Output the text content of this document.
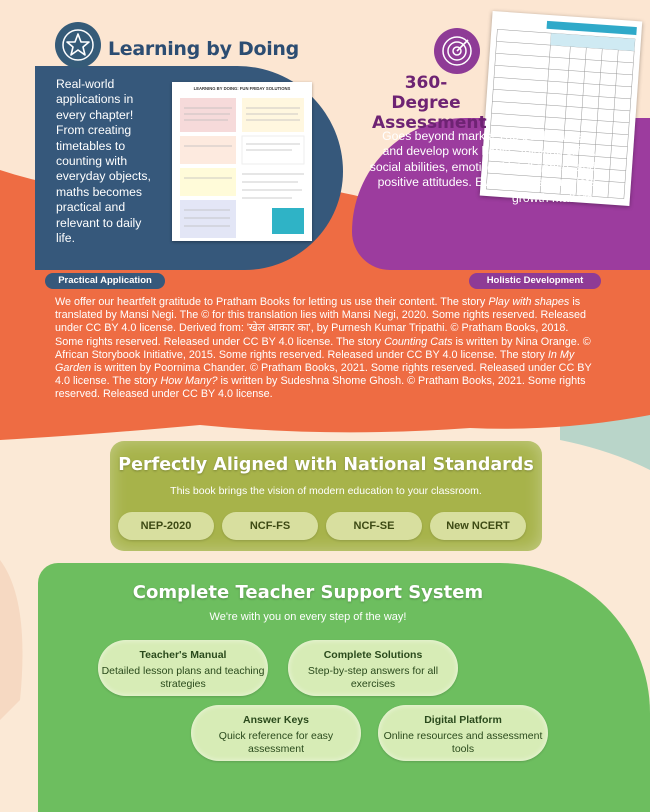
Learning by Doing
Real-world applications in every chapter! From creating timetables to counting with everyday objects, maths becomes practical and relevant to daily life.
LEARNING BY DOING: FUN FRIDAY SOLUTIONS
Practical Application
360-Degree
Assessment
Goes beyond marks! The books assess and develop work habits, thinking skills, social abilities, emotional intelligence, and positive attitudes. Every child's complete growth matters.
Holistic Development

We offer our heartfelt gratitude to Pratham Books for letting us use their content. The story Play with shapes is translated by Mansi Negi. The © for this translation lies with Mansi Negi, 2020. Some rights reserved. Released under CC BY 4.0 license. Derived from: 'खेल आकार का', by Purnesh Kumar Tripathi. © Pratham Books, 2018. Some rights reserved. Released under CC BY 4.0 license. The story Counting Cats is written by Nina Orange. © African Storybook Initiative, 2015. Some rights reserved. Released under CC BY 4.0 license. The story In My Garden is written by Poornima Chander. © Pratham Books, 2021. Some rights reserved. Released under CC BY 4.0 license. The story How Many? is written by Sudeshna Shome Ghosh. © Pratham Books, 2021. Some rights reserved. Released under CC BY 4.0 license.

Perfectly Aligned with National Standards
This book brings the vision of modern education to your classroom.
NEP-2020	NCF-FS	NCF-SE	New NCERT
Complete Teacher Support System
We're with you on every step of the way!
Teacher's Manual
Detailed lesson plans and teaching strategies
Complete Solutions
Step-by-step answers for all exercises
Answer Keys
Quick reference for easy assessment
Digital Platform
Online resources and assessment tools
